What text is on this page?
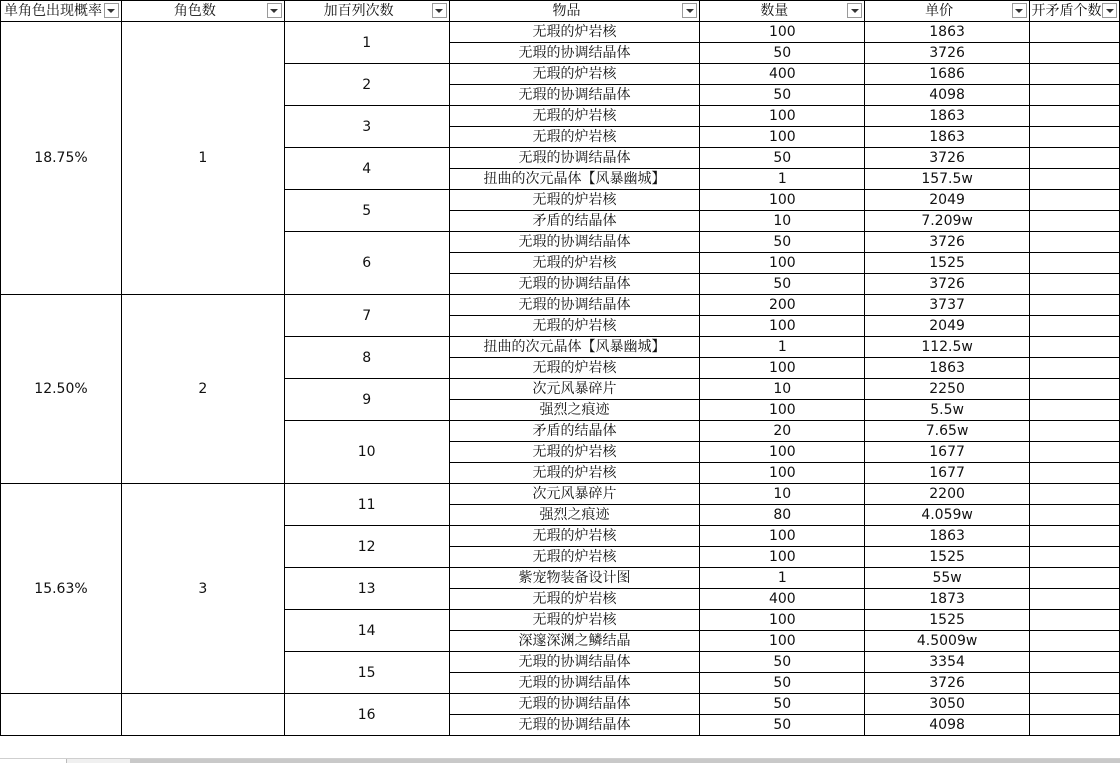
单角色出现概率	角色数	加百列次数	物品	数量	单价	开矛盾个数

18.75%	1	1	无瑕的炉岩核	100	1863	
			无瑕的协调结晶体	50	3726	
		2	无瑕的炉岩核	400	1686	
			无瑕的协调结晶体	50	4098	
		3	无瑕的炉岩核	100	1863	
			无瑕的炉岩核	100	1863	
		4	无瑕的协调结晶体	50	3726	
			扭曲的次元晶体【风暴幽城】	1	157.5w	
		5	无瑕的炉岩核	100	2049	
			矛盾的结晶体	10	7.209w	
		6	无瑕的协调结晶体	50	3726	
			无瑕的炉岩核	100	1525	
			无瑕的协调结晶体	50	3726	
12.50%	2	7	无瑕的协调结晶体	200	3737	
			无瑕的炉岩核	100	2049	
		8	扭曲的次元晶体【风暴幽城】	1	112.5w	
			无瑕的炉岩核	100	1863	
		9	次元风暴碎片	10	2250	
			强烈之痕迹	100	5.5w	
		10	矛盾的结晶体	20	7.65w	
			无瑕的炉岩核	100	1677	
			无瑕的炉岩核	100	1677	
15.63%	3	11	次元风暴碎片	10	2200	
			强烈之痕迹	80	4.059w	
		12	无瑕的炉岩核	100	1863	
			无瑕的炉岩核	100	1525	
		13	紫宠物装备设计图	1	55w	
			无瑕的炉岩核	400	1873	
		14	无瑕的炉岩核	100	1525	
			深邃深渊之鳞结晶	100	4.5009w	
		15	无瑕的协调结晶体	50	3354	
			无瑕的协调结晶体	50	3726	
		16	无瑕的协调结晶体	50	3050	
			无瑕的协调结晶体	50	4098	
